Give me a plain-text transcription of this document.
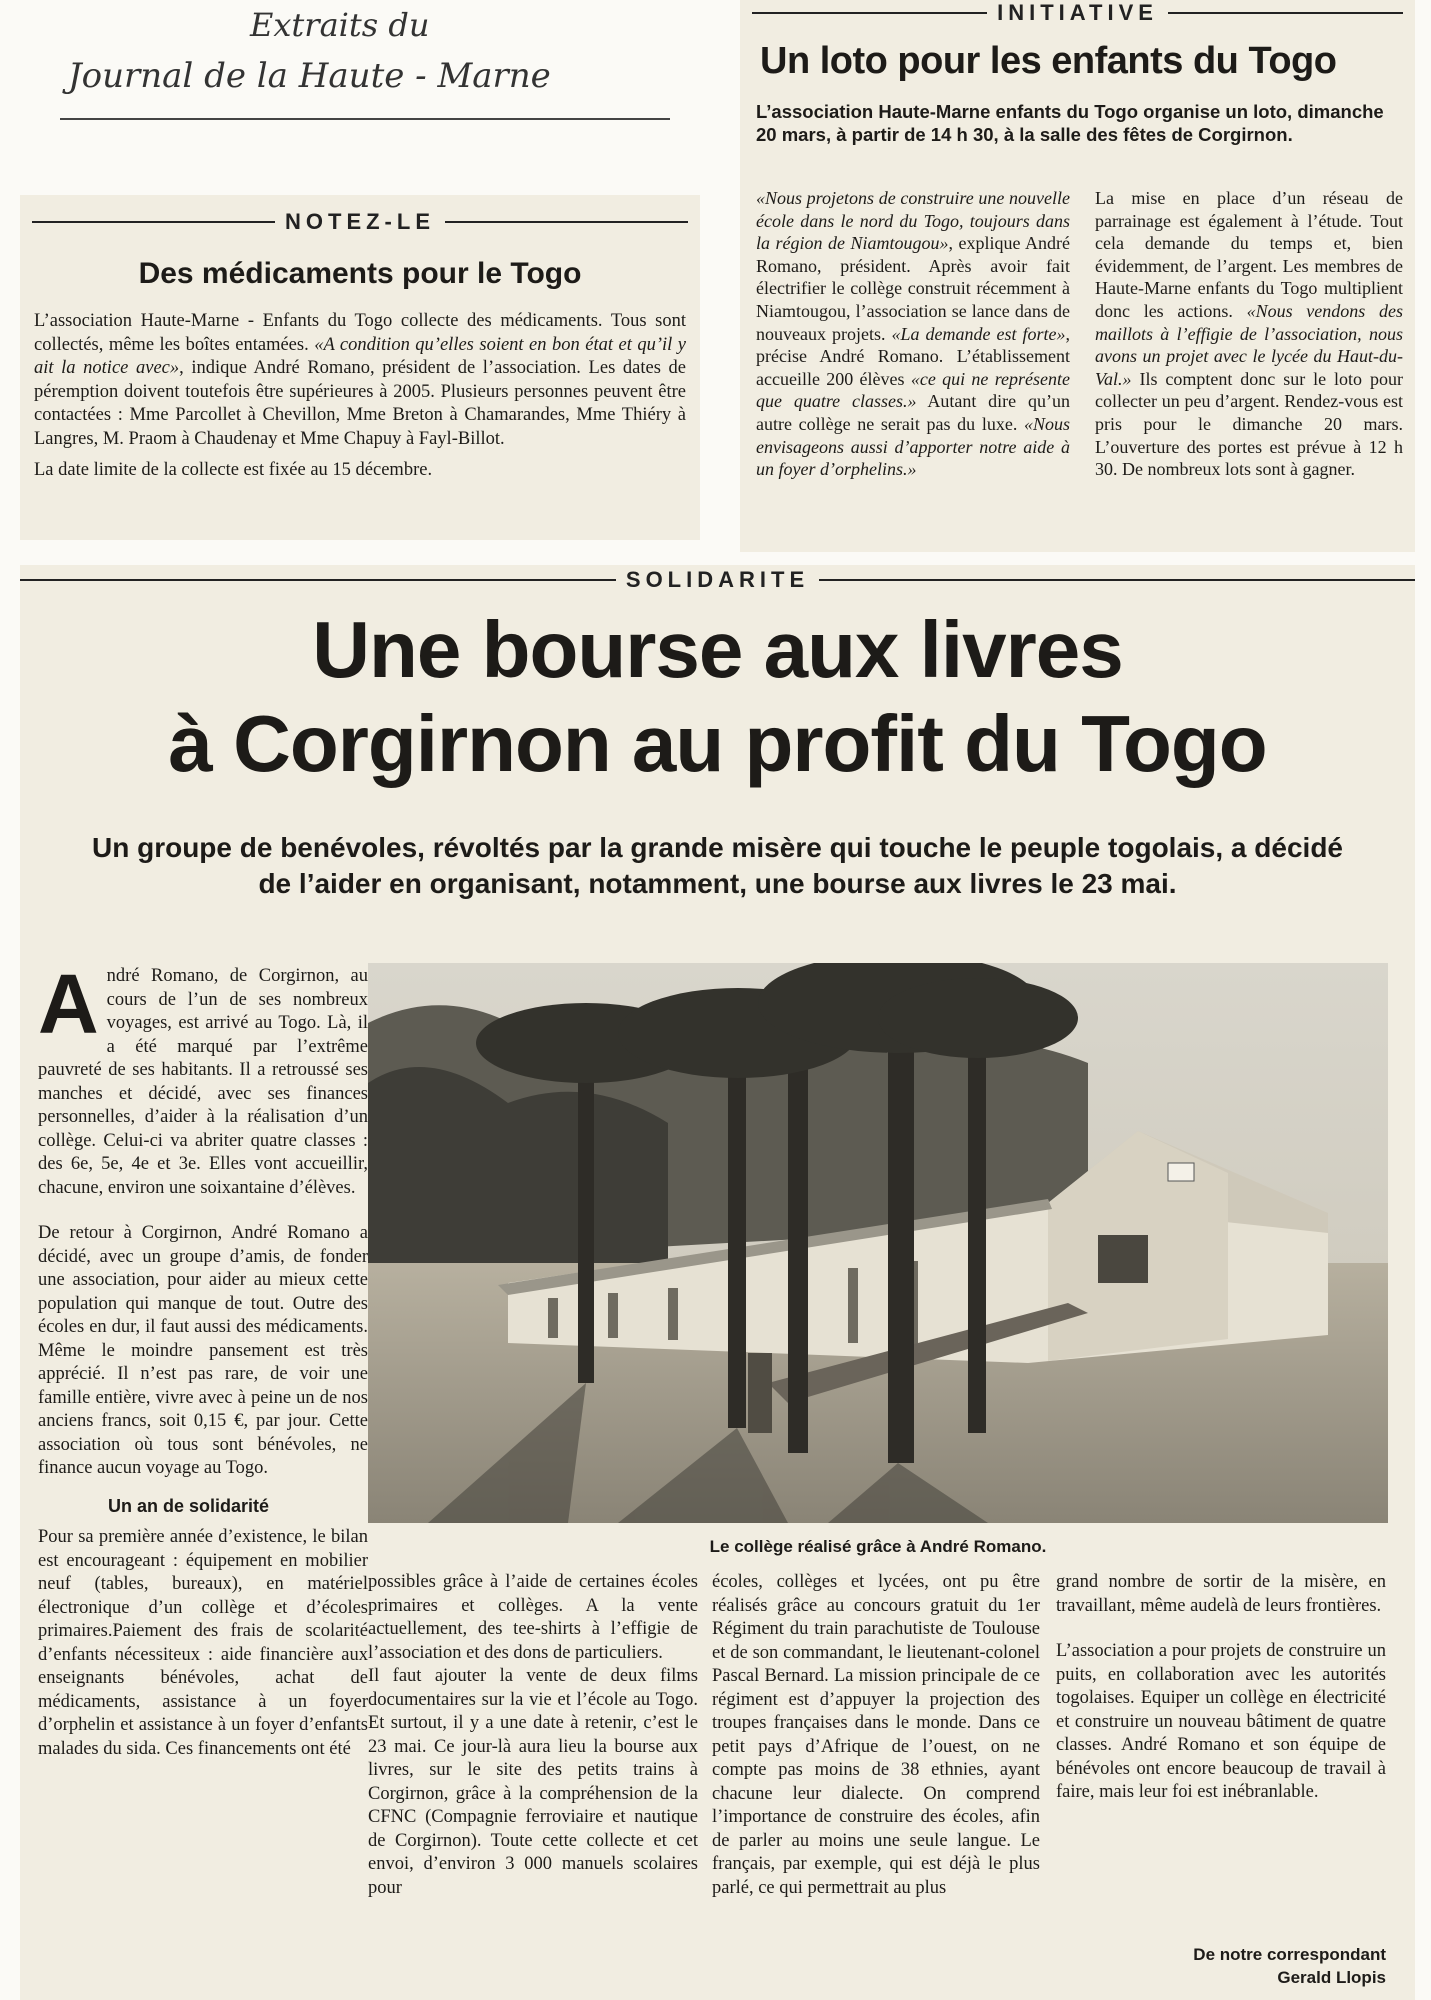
Extraits du
Journal de la Haute - Marne
NOTEZ-LE
Des médicaments pour le Togo

L’association Haute-Marne - Enfants du Togo collecte des médicaments. Tous sont collectés, même les boîtes entamées. «A condition qu’elles soient en bon état et qu’il y ait la notice avec», indique André Romano, président de l’association. Les dates de péremption doivent toutefois être supérieures à 2005. Plusieurs personnes peuvent être contactées : Mme Parcollet à Chevillon, Mme Breton à Chamarandes, Mme Thiéry à Langres, M. Praom à Chaudenay et Mme Chapuy à Fayl-Billot.

La date limite de la collecte est fixée au 15 décembre.

INITIATIVE
Un loto pour les enfants du Togo
L’association Haute-Marne enfants du Togo organise un loto, dimanche 20 mars, à partir de 14 h 30, à la salle des fêtes de Corgirnon.

«Nous projetons de construire une nouvelle école dans le nord du Togo, toujours dans la région de Niamtougou», explique André Romano, président. Après avoir fait électrifier le collège construit récemment à Niamtougou, l’association se lance dans de nouveaux projets. «La demande est forte», précise André Romano. L’établissement accueille 200 élèves «ce qui ne représente que quatre classes.» Autant dire qu’un autre collège ne serait pas du luxe. «Nous envisageons aussi d’apporter notre aide à un foyer d’orphelins.»

La mise en place d’un réseau de parrainage est également à l’étude. Tout cela demande du temps et, bien évidemment, de l’argent. Les membres de Haute-Marne enfants du Togo multiplient donc les actions. «Nous vendons des maillots à l’effigie de l’association, nous avons un projet avec le lycée du Haut-du-Val.» Ils comptent donc sur le loto pour collecter un peu d’argent. Rendez-vous est pris pour le dimanche 20 mars. L’ouverture des portes est prévue à 12 h 30. De nombreux lots sont à gagner.

SOLIDARITE
Une bourse aux livres
à Corgirnon au profit du Togo
Un groupe de benévoles, révoltés par la grande misère qui touche le peuple togolais, a décidé de l’aider en organisant, notamment, une bourse aux livres le 23 mai.

André Romano, de Corgirnon, au cours de l’un de ses nombreux voyages, est arrivé au Togo. Là, il a été marqué par l’extrême pauvreté de ses habitants. Il a retroussé ses manches et décidé, avec ses finances personnelles, d’aider à la réalisation d’un collège. Celui-ci va abriter quatre classes : des 6e, 5e, 4e et 3e. Elles vont accueillir, chacune, environ une soixantaine d’élèves.

De retour à Corgirnon, André Romano a décidé, avec un groupe d’amis, de fonder une association, pour aider au mieux cette population qui manque de tout. Outre des écoles en dur, il faut aussi des médicaments. Même le moindre pansement est très apprécié. Il n’est pas rare, de voir une famille entière, vivre avec à peine un de nos anciens francs, soit 0,15 €, par jour. Cette association où tous sont bénévoles, ne finance aucun voyage au Togo.

Un an de solidarité

Pour sa première année d’existence, le bilan est encourageant : équipement en mobilier neuf (tables, bureaux), en matériel électronique d’un collège et d’écoles primaires.Paiement des frais de scolarité d’enfants nécessiteux : aide financière aux enseignants bénévoles, achat de médicaments, assistance à un foyer d’orphelin et assistance à un foyer d’enfants malades du sida. Ces financements ont été

Le collège réalisé grâce à André Romano.

possibles grâce à l’aide de certaines écoles primaires et collèges. A la vente actuellement, des tee-shirts à l’effigie de l’association et des dons de particuliers.

Il faut ajouter la vente de deux films documentaires sur la vie et l’école au Togo. Et surtout, il y a une date à retenir, c’est le 23 mai. Ce jour-là aura lieu la bourse aux livres, sur le site des petits trains à Corgirnon, grâce à la compréhension de la CFNC (Compagnie ferroviaire et nautique de Corgirnon). Toute cette collecte et cet envoi, d’environ 3 000 manuels scolaires pour

écoles, collèges et lycées, ont pu être réalisés grâce au concours gratuit du 1er Régiment du train parachutiste de Toulouse et de son commandant, le lieutenant-colonel Pascal Bernard. La mission principale de ce régiment est d’appuyer la projection des troupes françaises dans le monde. Dans ce petit pays d’Afrique de l’ouest, on ne compte pas moins de 38 ethnies, ayant chacune leur dialecte. On comprend l’importance de construire des écoles, afin de parler au moins une seule langue. Le français, par exemple, qui est déjà le plus parlé, ce qui permettrait au plus

grand nombre de sortir de la misère, en travaillant, même audelà de leurs frontières.

L’association a pour projets de construire un puits, en collaboration avec les autorités togolaises. Equiper un collège en électricité et construire un nouveau bâtiment de quatre classes. André Romano et son équipe de bénévoles ont encore beaucoup de travail à faire, mais leur foi est inébranlable.

De notre correspondant
Gerald Llopis
